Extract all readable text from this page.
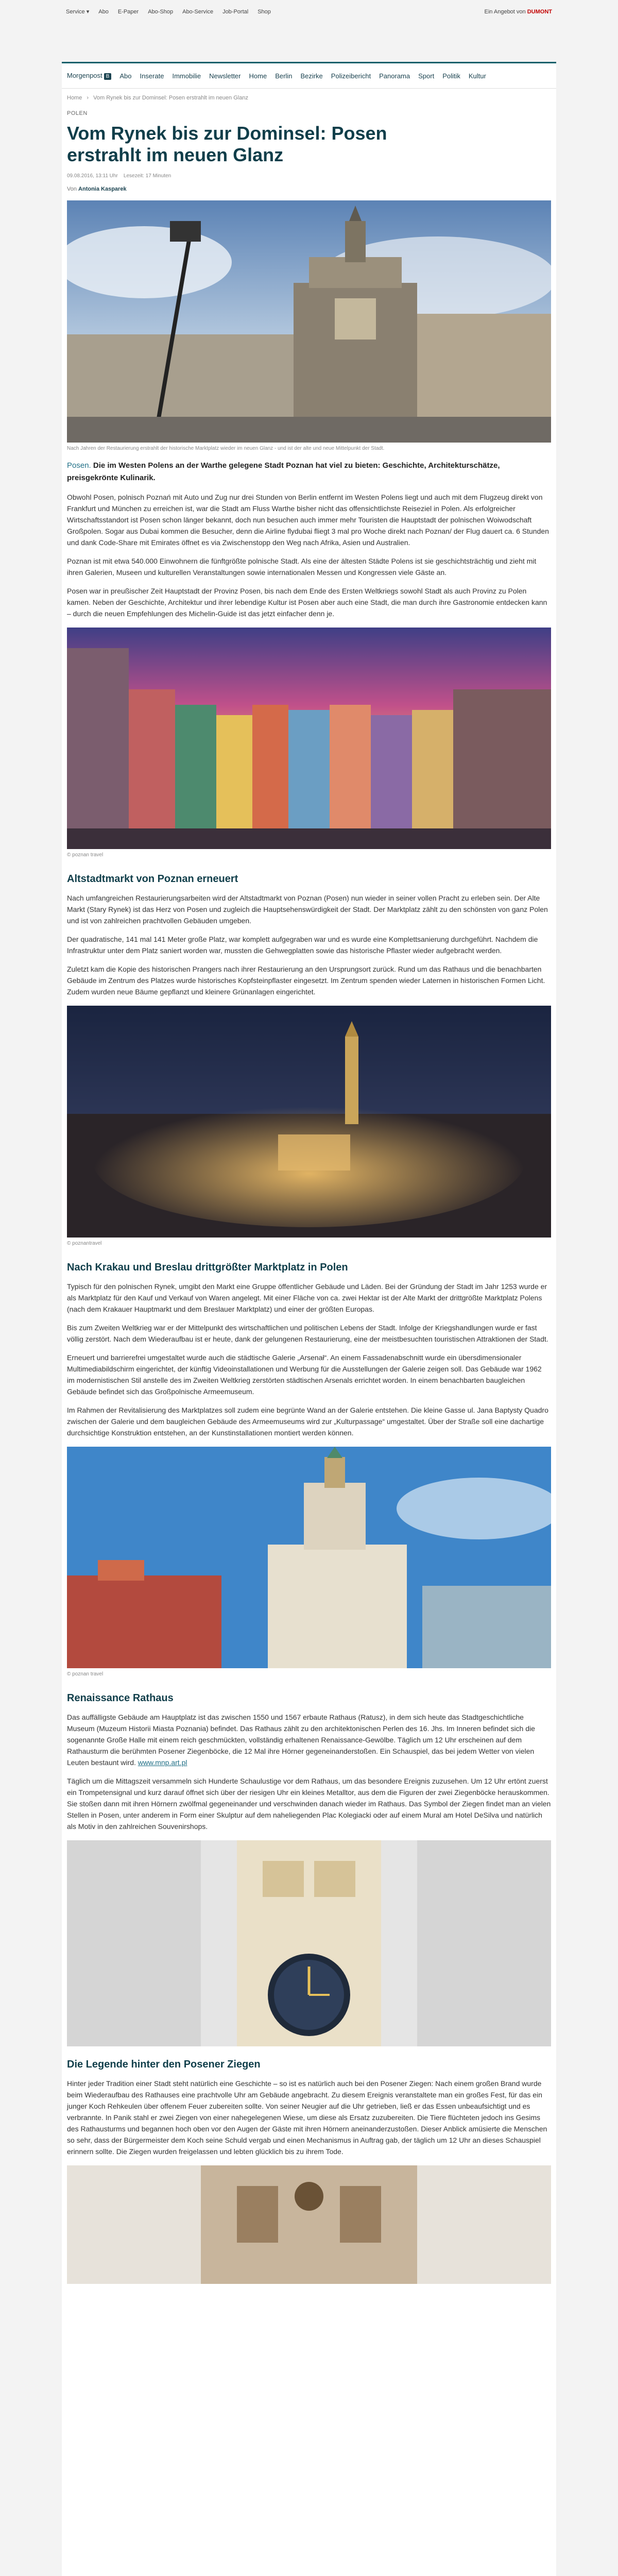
Service ▾ Abo E-Paper Abo-Shop Abo-Service Job-Portal Shop	Ein Angebot von DUMONT
Morgenpost B	Abo Inserate Immobilie Newsletter Home Berlin Bezirke Polizeibericht Panorama Sport Politik Kultur
Home › Vom Rynek bis zur Dominsel: Posen erstrahlt im neuen Glanz
POLEN
Vom Rynek bis zur Dominsel: Posen erstrahlt im neuen Glanz
09.08.2016, 13:11 Uhr Lesezeit: 17 Minuten
Von Antonia Kasparek
Nach Jahren der Restaurierung erstrahlt der historische Marktplatz wieder im neuen Glanz - und ist der alte und neue Mittelpunkt der Stadt.

Posen. Die im Westen Polens an der Warthe gelegene Stadt Poznan hat viel zu bieten: Geschichte, Architekturschätze, preisgekrönte Kulinarik.

Obwohl Posen, polnisch Poznań mit Auto und Zug nur drei Stunden von Berlin entfernt im Westen Polens liegt und auch mit dem Flugzeug direkt von Frankfurt und München zu erreichen ist, war die Stadt am Fluss Warthe bisher nicht das offensichtlichste Reiseziel in Polen. Als erfolgreicher Wirtschaftsstandort ist Posen schon länger bekannt, doch nun besuchen auch immer mehr Touristen die Hauptstadt der polnischen Woiwodschaft Großpolen. Sogar aus Dubai kommen die Besucher, denn die Airline flydubai fliegt 3 mal pro Woche direkt nach Poznan/ der Flug dauert ca. 6 Stunden und dank Code-Share mit Emirates öffnet es via Zwischenstopp den Weg nach Afrika, Asien und Australien.

Poznan ist mit etwa 540.000 Einwohnern die fünftgrößte polnische Stadt. Als eine der ältesten Städte Polens ist sie geschichtsträchtig und zieht mit ihren Galerien, Museen und kulturellen Veranstaltungen sowie internationalen Messen und Kongressen viele Gäste an.

Posen war in preußischer Zeit Hauptstadt der Provinz Posen, bis nach dem Ende des Ersten Weltkriegs sowohl Stadt als auch Provinz zu Polen kamen. Neben der Geschichte, Architektur und ihrer lebendige Kultur ist Posen aber auch eine Stadt, die man durch ihre Gastronomie entdecken kann – durch die neuen Empfehlungen des Michelin-Guide ist das jetzt einfacher denn je.

© poznan travel
Altstadtmarkt von Poznan erneuert

Nach umfangreichen Restaurierungsarbeiten wird der Altstadtmarkt von Poznan (Posen) nun wieder in seiner vollen Pracht zu erleben sein. Der Alte Markt (Stary Rynek) ist das Herz von Posen und zugleich die Hauptsehenswürdigkeit der Stadt. Der Marktplatz zählt zu den schönsten von ganz Polen und ist von zahlreichen prachtvollen Gebäuden umgeben.

Der quadratische, 141 mal 141 Meter große Platz, war komplett aufgegraben war und es wurde eine Komplettsanierung durchgeführt. Nachdem die Infrastruktur unter dem Platz saniert worden war, mussten die Gehwegplatten sowie das historische Pflaster wieder aufgebracht werden.

Zuletzt kam die Kopie des historischen Prangers nach ihrer Restaurierung an den Ursprungsort zurück. Rund um das Rathaus und die benachbarten Gebäude im Zentrum des Platzes wurde historisches Kopfsteinpflaster eingesetzt. Im Zentrum spenden wieder Laternen in historischen Formen Licht. Zudem wurden neue Bäume gepflanzt und kleinere Grünanlagen eingerichtet.

© poznantravel
Nach Krakau und Breslau drittgrößter Marktplatz in Polen

Typisch für den polnischen Rynek, umgibt den Markt eine Gruppe öffentlicher Gebäude und Läden. Bei der Gründung der Stadt im Jahr 1253 wurde er als Marktplatz für den Kauf und Verkauf von Waren angelegt. Mit einer Fläche von ca. zwei Hektar ist der Alte Markt der drittgrößte Marktplatz Polens (nach dem Krakauer Hauptmarkt und dem Breslauer Marktplatz) und einer der größten Europas.

Bis zum Zweiten Weltkrieg war er der Mittelpunkt des wirtschaftlichen und politischen Lebens der Stadt. Infolge der Kriegshandlungen wurde er fast völlig zerstört. Nach dem Wiederaufbau ist er heute, dank der gelungenen Restaurierung, eine der meistbesuchten touristischen Attraktionen der Stadt.

Erneuert und barrierefrei umgestaltet wurde auch die städtische Galerie „Arsenał“. An einem Fassadenabschnitt wurde ein übersdimensionaler Multimediabildschirm eingerichtet, der künftig Videoinstallationen und Werbung für die Ausstellungen der Galerie zeigen soll. Das Gebäude war 1962 im modernistischen Stil anstelle des im Zweiten Weltkrieg zerstörten städtischen Arsenals errichtet worden. In einem benachbarten baugleichen Gebäude befindet sich das Großpolnische Armeemuseum.

Im Rahmen der Revitalisierung des Marktplatzes soll zudem eine begrünte Wand an der Galerie entstehen. Die kleine Gasse ul. Jana Baptysty Quadro zwischen der Galerie und dem baugleichen Gebäude des Armeemuseums wird zur „Kulturpassage“ umgestaltet. Über der Straße soll eine dachartige durchsichtige Konstruktion entstehen, an der Kunstinstallationen montiert werden können.

© poznan travel
Renaissance Rathaus

Das auffälligste Gebäude am Hauptplatz ist das zwischen 1550 und 1567 erbaute Rathaus (Ratusz), in dem sich heute das Stadtgeschichtliche Museum (Muzeum Historii Miasta Poznania) befindet. Das Rathaus zählt zu den architektonischen Perlen des 16. Jhs. Im Inneren befindet sich die sogenannte Große Halle mit einem reich geschmückten, vollständig erhaltenen Renaissance-Gewölbe. Täglich um 12 Uhr erscheinen auf dem Rathausturm die berühmten Posener Ziegenböcke, die 12 Mal ihre Hörner gegeneinanderstoßen. Ein Schauspiel, das bei jedem Wetter von vielen Leuten bestaunt wird. www.mnp.art.pl

Täglich um die Mittagszeit versammeln sich Hunderte Schaulustige vor dem Rathaus, um das besondere Ereignis zuzusehen. Um 12 Uhr ertönt zuerst ein Trompetensignal und kurz darauf öffnet sich über der riesigen Uhr ein kleines Metalltor, aus dem die Figuren der zwei Ziegenböcke herauskommen. Sie stoßen dann mit ihren Hörnern zwölfmal gegeneinander und verschwinden danach wieder im Rathaus. Das Symbol der Ziegen findet man an vielen Stellen in Posen, unter anderem in Form einer Skulptur auf dem naheliegenden Plac Kolegiacki oder auf einem Mural am Hotel DeSilva und natürlich als Motiv in den zahlreichen Souvenirshops.

Die Legende hinter den Posener Ziegen

Hinter jeder Tradition einer Stadt steht natürlich eine Geschichte – so ist es natürlich auch bei den Posener Ziegen: Nach einem großen Brand wurde beim Wiederaufbau des Rathauses eine prachtvolle Uhr am Gebäude angebracht. Zu diesem Ereignis veranstaltete man ein großes Fest, für das ein junger Koch Rehkeulen über offenem Feuer zubereiten sollte. Von seiner Neugier auf die Uhr getrieben, ließ er das Essen unbeaufsichtigt und es verbrannte. In Panik stahl er zwei Ziegen von einer nahegelegenen Wiese, um diese als Ersatz zuzubereiten. Die Tiere flüchteten jedoch ins Gesims des Rathausturms und begannen hoch oben vor den Augen der Gäste mit ihren Hörnern aneinanderzustoßen. Dieser Anblick amüsierte die Menschen so sehr, dass der Bürgermeister dem Koch seine Schuld vergab und einen Mechanismus in Auftrag gab, der täglich um 12 Uhr an dieses Schauspiel erinnern sollte. Die Ziegen wurden freigelassen und lebten glücklich bis zu ihrem Tode.
